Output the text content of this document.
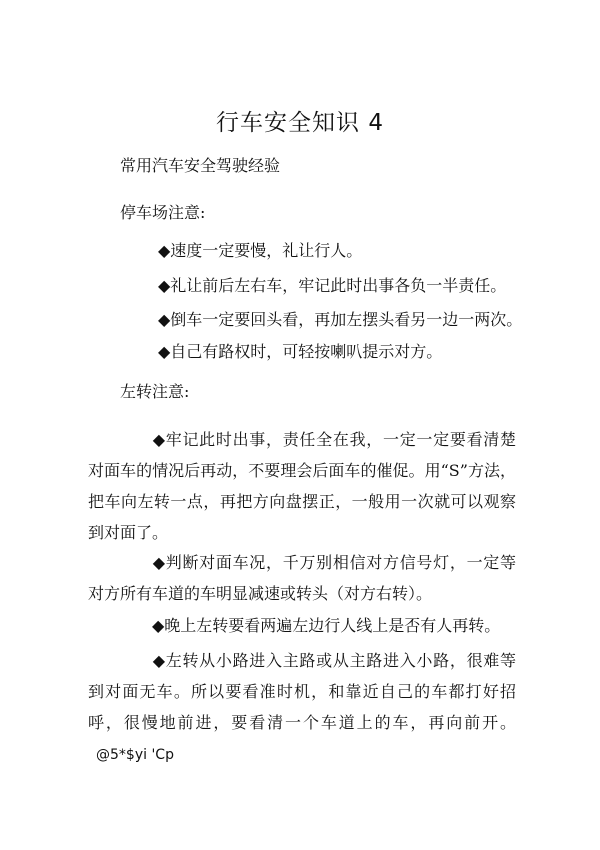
行车安全知识 4

常用汽车安全驾驶经验

停车场注意:

◆速度一定要慢，礼让行人。

◆礼让前后左右车，牢记此时出事各负一半责任。

◆倒车一定要回头看，再加左摆头看另一边一两次。

◆自己有路权时，可轻按喇叭提示对方。

左转注意:

◆牢记此时出事，责任全在我，一定一定要看清楚对面车的情况后再动，不要理会后面车的催促。用“S”方法，把车向左转一点，再把方向盘摆正，一般用一次就可以观察到对面了。

◆判断对面车况，千万别相信对方信号灯，一定等对方所有车道的车明显减速或转头（对方右转）。

◆晚上左转要看两遍左边行人线上是否有人再转。

◆左转从小路进入主路或从主路进入小路，很难等到对面无车。所以要看准时机，和靠近自己的车都打好招呼，很慢地前进，要看清一个车道上的车，再向前开。@5*$yi 'Cp
